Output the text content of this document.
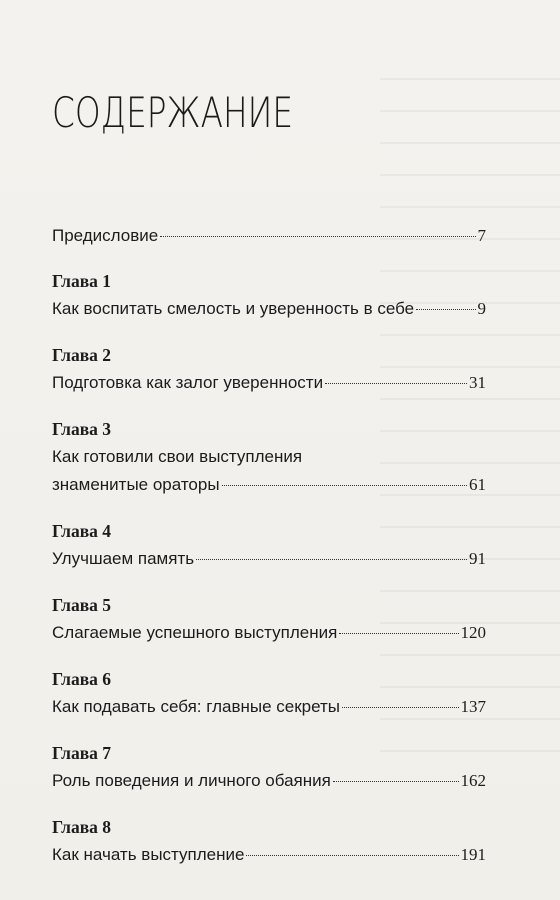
СОДЕРЖАНИЕ
Предисловие	7
Глава 1
Как воспитать смелость и уверенность в себе	9
Глава 2
Подготовка как залог уверенности	31
Глава 3
Как готовили свои выступления
знаменитые ораторы	61
Глава 4
Улучшаем память	91
Глава 5
Слагаемые успешного выступления	120
Глава 6
Как подавать себя: главные секреты	137
Глава 7
Роль поведения и личного обаяния	162
Глава 8
Как начать выступление	191
